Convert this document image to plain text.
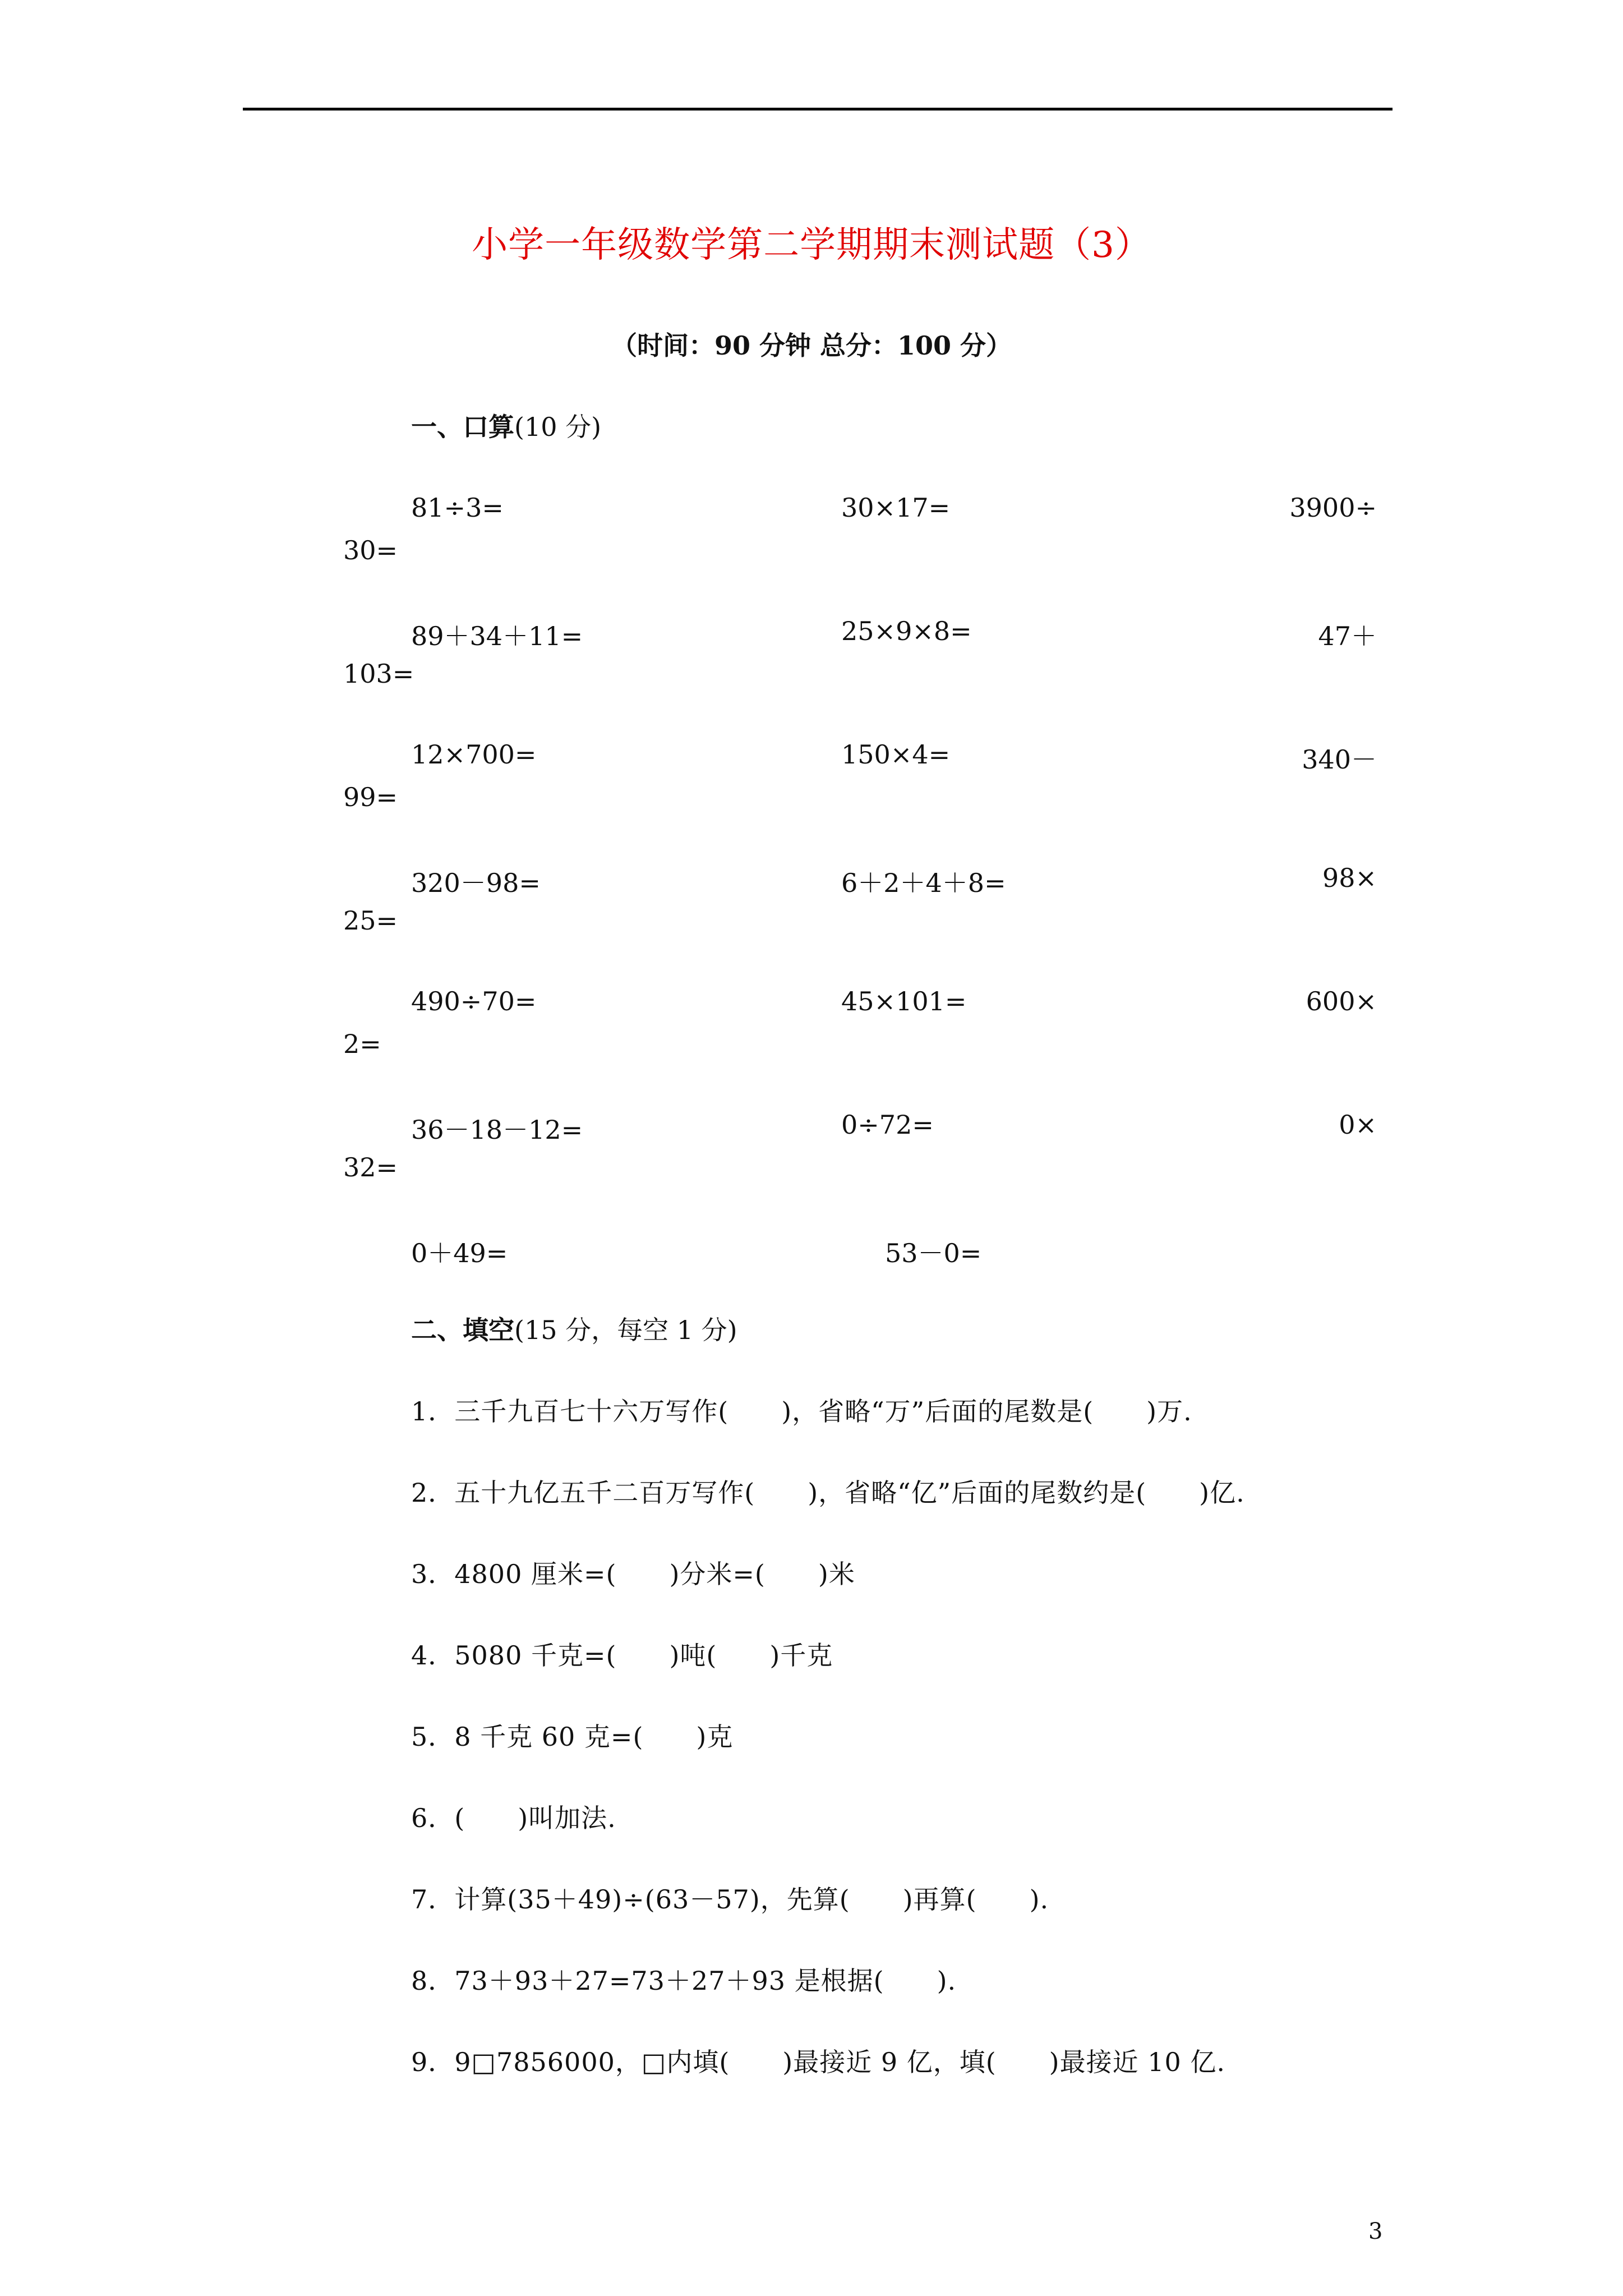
小学一年级数学第二学期期末测试题（3）
（时间：90 分钟 总分：100 分）
一、口算(10 分)
81÷3=	30×17=	3900÷
30=
89＋34＋11=	25×9×8=	47＋
103=
12×700=	150×4=	340－
99=
320－98=	6＋2＋4＋8=	98×
25=
490÷70=	45×101=	600×
2=
36－18－12=	0÷72=	0×
32=
0＋49=	53－0=
二、填空(15 分，每空 1 分)
1．三千九百七十六万写作(　　)，省略“万”后面的尾数是(　　)万.
2．五十九亿五千二百万写作(　　)，省略“亿”后面的尾数约是(　　)亿.
3．4800 厘米=(　　)分米=(　　)米
4．5080 千克=(　　)吨(　　)千克
5．8 千克 60 克=(　　)克
6．(　　)叫加法.
7．计算(35＋49)÷(63－57)，先算(　　)再算(　　).
8．73＋93＋27=73＋27＋93 是根据(　　).
9．9□7856000，□内填(　　)最接近 9 亿，填(　　)最接近 10 亿.
3
